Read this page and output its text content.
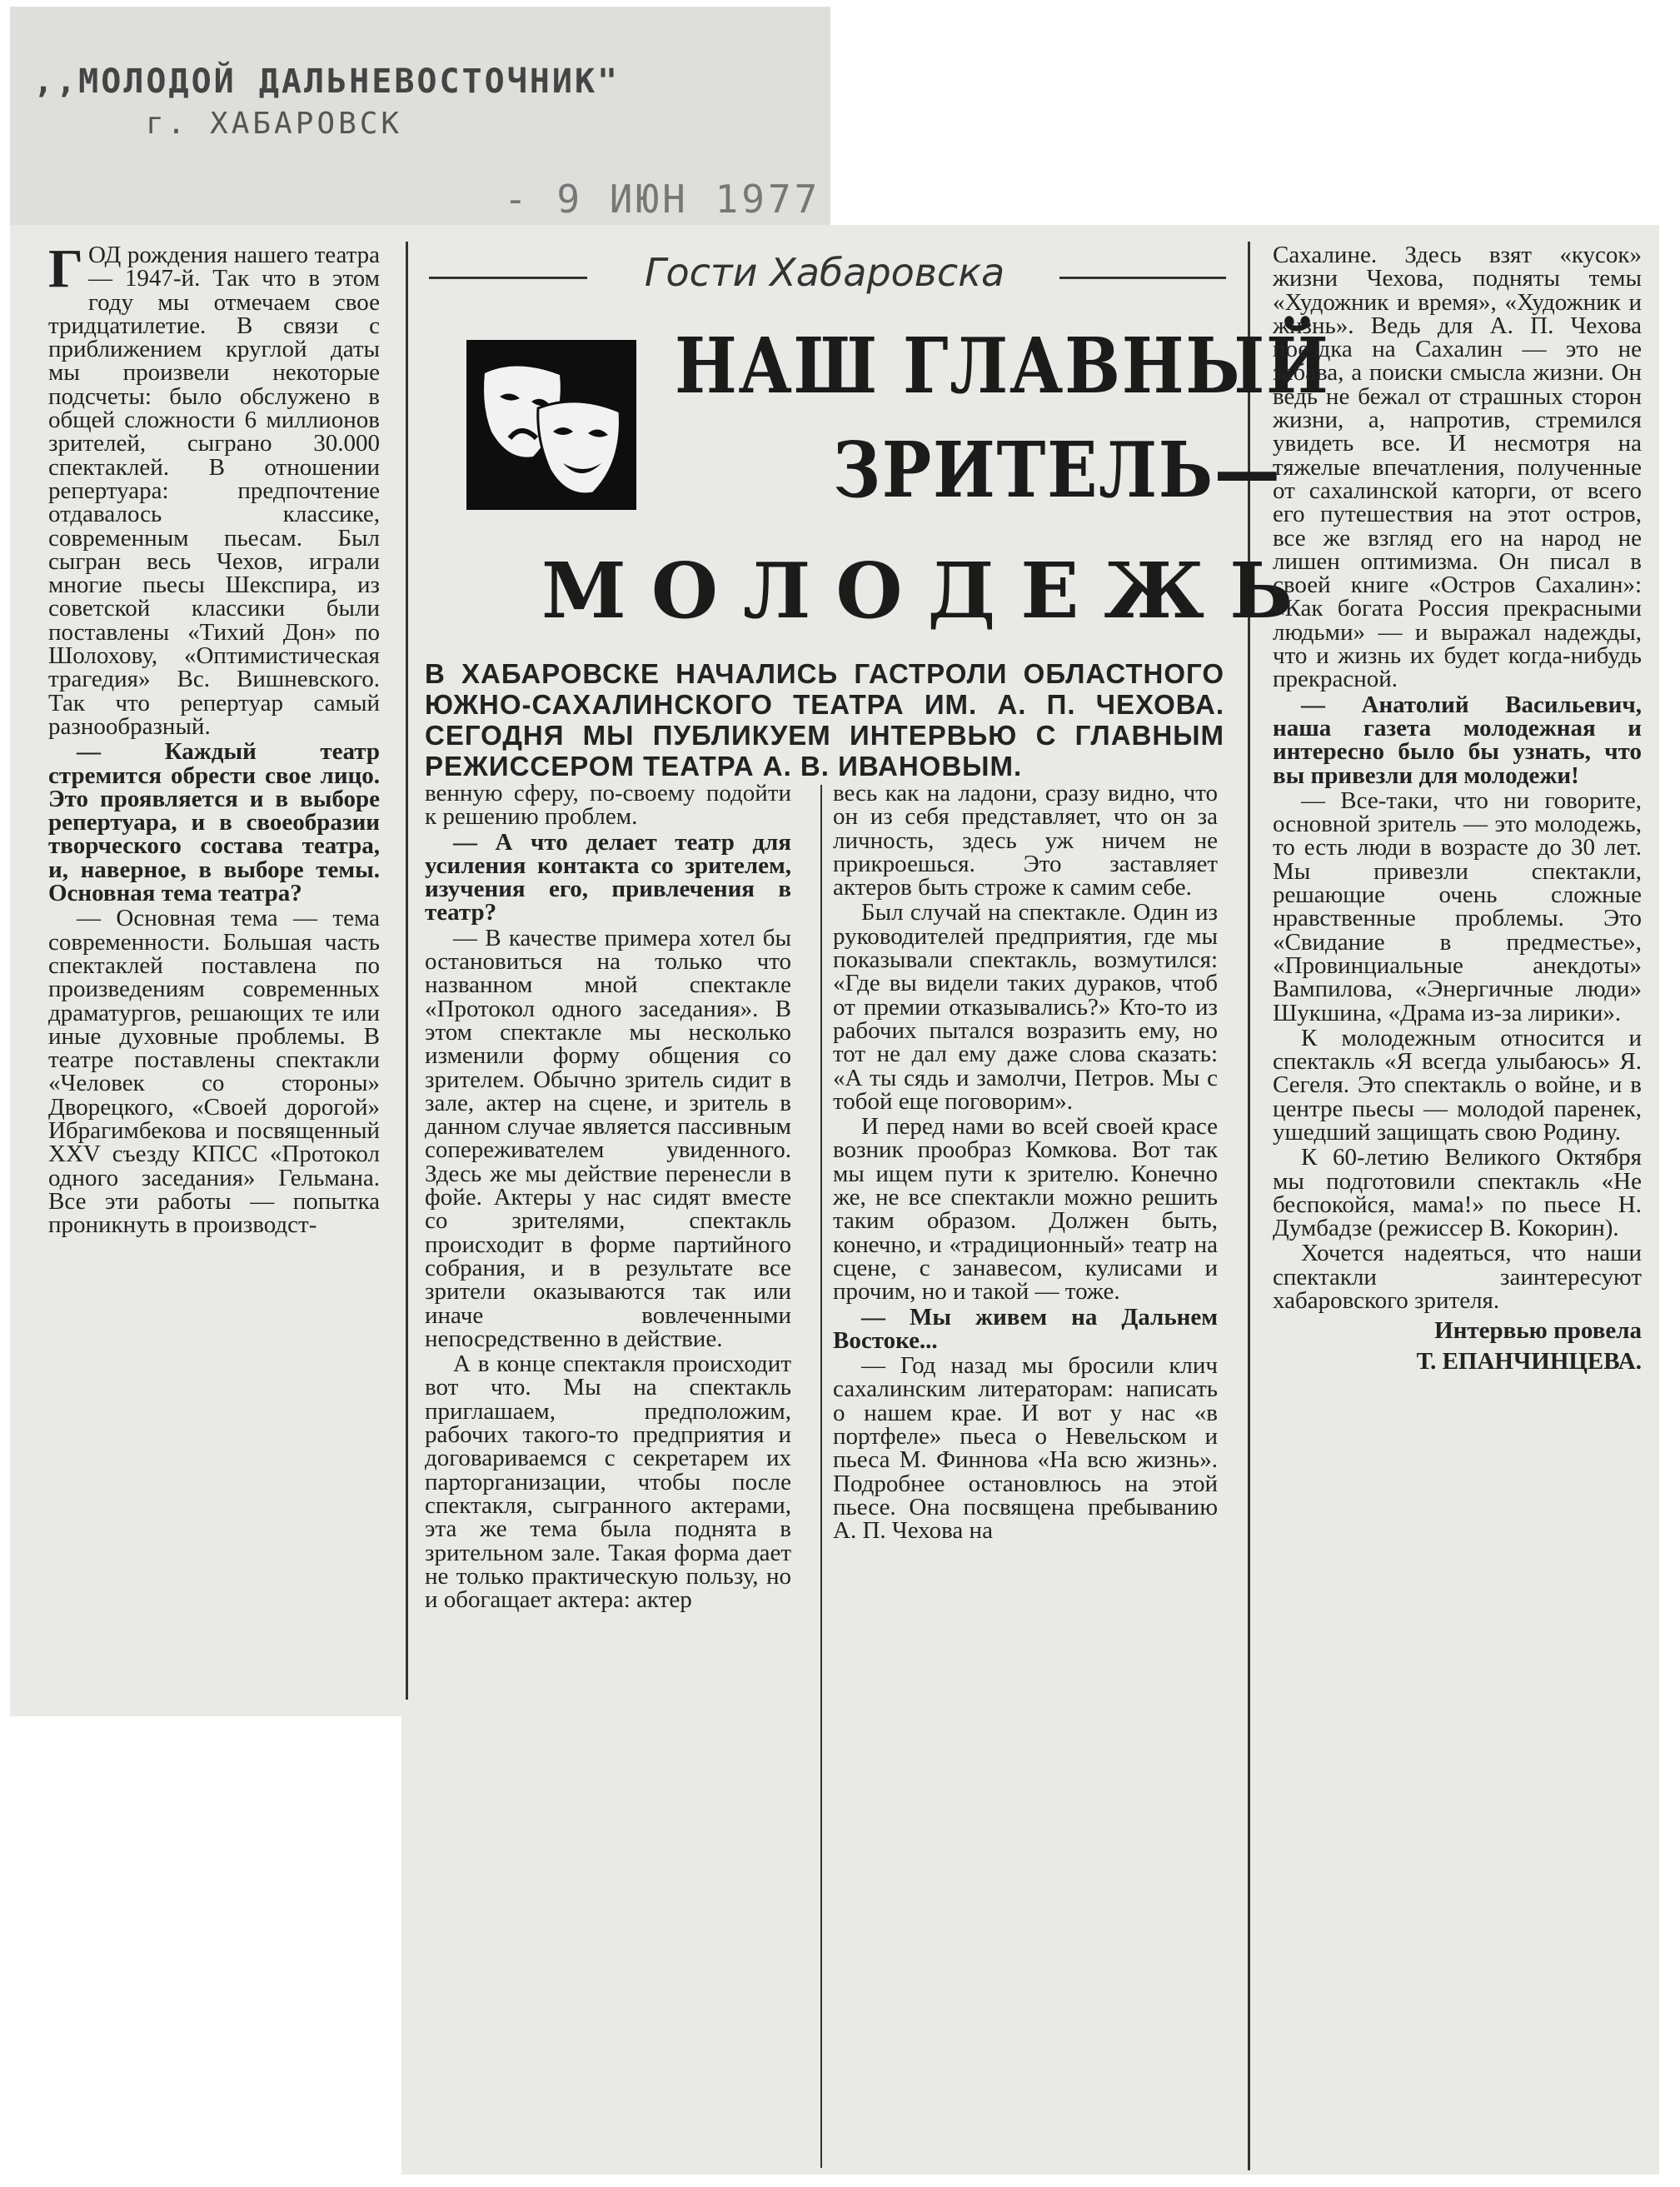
,,МОЛОДОЙ ДАЛЬНЕВОСТОЧНИК"
г. ХАБАРОВСК
- 9 ИЮН 1977
Гости Хабаровска
НАШ ГЛАВНЫЙ
ЗРИТЕЛЬ—
МОЛОДЕЖЬ
В ХАБАРОВСКЕ НАЧАЛИСЬ ГАСТРОЛИ ОБЛАСТНОГО ЮЖНО-САХАЛИНСКОГО ТЕАТРА ИМ. А. П. ЧЕХОВА. СЕГОДНЯ МЫ ПУБЛИКУЕМ ИНТЕРВЬЮ С ГЛАВНЫМ РЕЖИССЕРОМ ТЕАТРА А. В. ИВАНОВЫМ.

ГОД рождения нашего театра — 1947-й. Так что в этом году мы отмечаем свое тридцатилетие. В связи с приближением круглой даты мы произвели некоторые подсчеты: было обслужено в общей сложности 6 миллионов зрителей, сыграно 30.000 спектаклей. В отношении репертуара: предпочтение отдавалось классике, современным пьесам. Был сыгран весь Чехов, играли многие пьесы Шекспира, из советской классики были поставлены «Тихий Дон» по Шолохову, «Оптимистическая трагедия» Вс. Вишневского. Так что репертуар самый разнообразный.

— Каждый театр стремится обрести свое лицо. Это проявляется и в выборе репертуара, и в своеобразии творческого состава театра, и, наверное, в выборе темы. Основная тема театра?

— Основная тема — тема современности. Большая часть спектаклей поставлена по произведениям современных драматургов, решающих те или иные духовные проблемы. В театре поставлены спектакли «Человек со стороны» Дворецкого, «Своей дорогой» Ибрагимбекова и посвященный XXV съезду КПСС «Протокол одного заседания» Гельмана. Все эти работы — попытка проникнуть в производст-

венную сферу, по-своему подойти к решению проблем.

— А что делает театр для усиления контакта со зрителем, изучения его, привлечения в театр?

— В качестве примера хотел бы остановиться на только что названном мной спектакле «Протокол одного заседания». В этом спектакле мы несколько изменили форму общения со зрителем. Обычно зритель сидит в зале, актер на сцене, и зритель в данном случае является пассивным сопереживателем увиденного. Здесь же мы действие перенесли в фойе. Актеры у нас сидят вместе со зрителями, спектакль происходит в форме партийного собрания, и в результате все зрители оказываются так или иначе вовлеченными непосредственно в действие.

А в конце спектакля происходит вот что. Мы на спектакль приглашаем, предположим, рабочих такого-то предприятия и договариваемся с секретарем их парторганизации, чтобы после спектакля, сыгранного актерами, эта же тема была поднята в зрительном зале. Такая форма дает не только практическую пользу, но и обогащает актера: актер

весь как на ладони, сразу видно, что он из себя представляет, что он за личность, здесь уж ничем не прикроешься. Это заставляет актеров быть строже к самим себе.

Был случай на спектакле. Один из руководителей предприятия, где мы показывали спектакль, возмутился: «Где вы видели таких дураков, чтоб от премии отказывались?» Кто-то из рабочих пытался возразить ему, но тот не дал ему даже слова сказать: «А ты сядь и замолчи, Петров. Мы с тобой еще поговорим».

И перед нами во всей своей красе возник прообраз Комкова. Вот так мы ищем пути к зрителю. Конечно же, не все спектакли можно решить таким образом. Должен быть, конечно, и «традиционный» театр на сцене, с занавесом, кулисами и прочим, но и такой — тоже.

— Мы живем на Дальнем Востоке...

— Год назад мы бросили клич сахалинским литераторам: написать о нашем крае. И вот у нас «в портфеле» пьеса о Невельском и пьеса М. Финнова «На всю жизнь». Подробнее остановлюсь на этой пьесе. Она посвящена пребыванию А. П. Чехова на

Сахалине. Здесь взят «кусок» жизни Чехова, подняты темы «Художник и время», «Художник и жизнь». Ведь для А. П. Чехова поездка на Сахалин — это не забава, а поиски смысла жизни. Он ведь не бежал от страшных сторон жизни, а, напротив, стремился увидеть все. И несмотря на тяжелые впечатления, полученные от сахалинской каторги, от всего его путешествия на этот остров, все же взгляд его на народ не лишен оптимизма. Он писал в своей книге «Остров Сахалин»: «Как богата Россия прекрасными людьми» — и выражал надежды, что и жизнь их будет когда-нибудь прекрасной.

— Анатолий Васильевич, наша газета молодежная и интересно было бы узнать, что вы привезли для молодежи!

— Все-таки, что ни говорите, основной зритель — это молодежь, то есть люди в возрасте до 30 лет. Мы привезли спектакли, решающие очень сложные нравственные проблемы. Это «Свидание в предместье», «Провинциальные анекдоты» Вампилова, «Энергичные люди» Шукшина, «Драма из-за лирики».

К молодежным относится и спектакль «Я всегда улыбаюсь» Я. Сегеля. Это спектакль о войне, и в центре пьесы — молодой паренек, ушедший защищать свою Родину.

К 60-летию Великого Октября мы подготовили спектакль «Не беспокойся, мама!» по пьесе Н. Думбадзе (режиссер В. Кокорин).

Хочется надеяться, что наши спектакли заинтересуют хабаровского зрителя.

Интервью провела

Т. ЕПАНЧИНЦЕВА.
